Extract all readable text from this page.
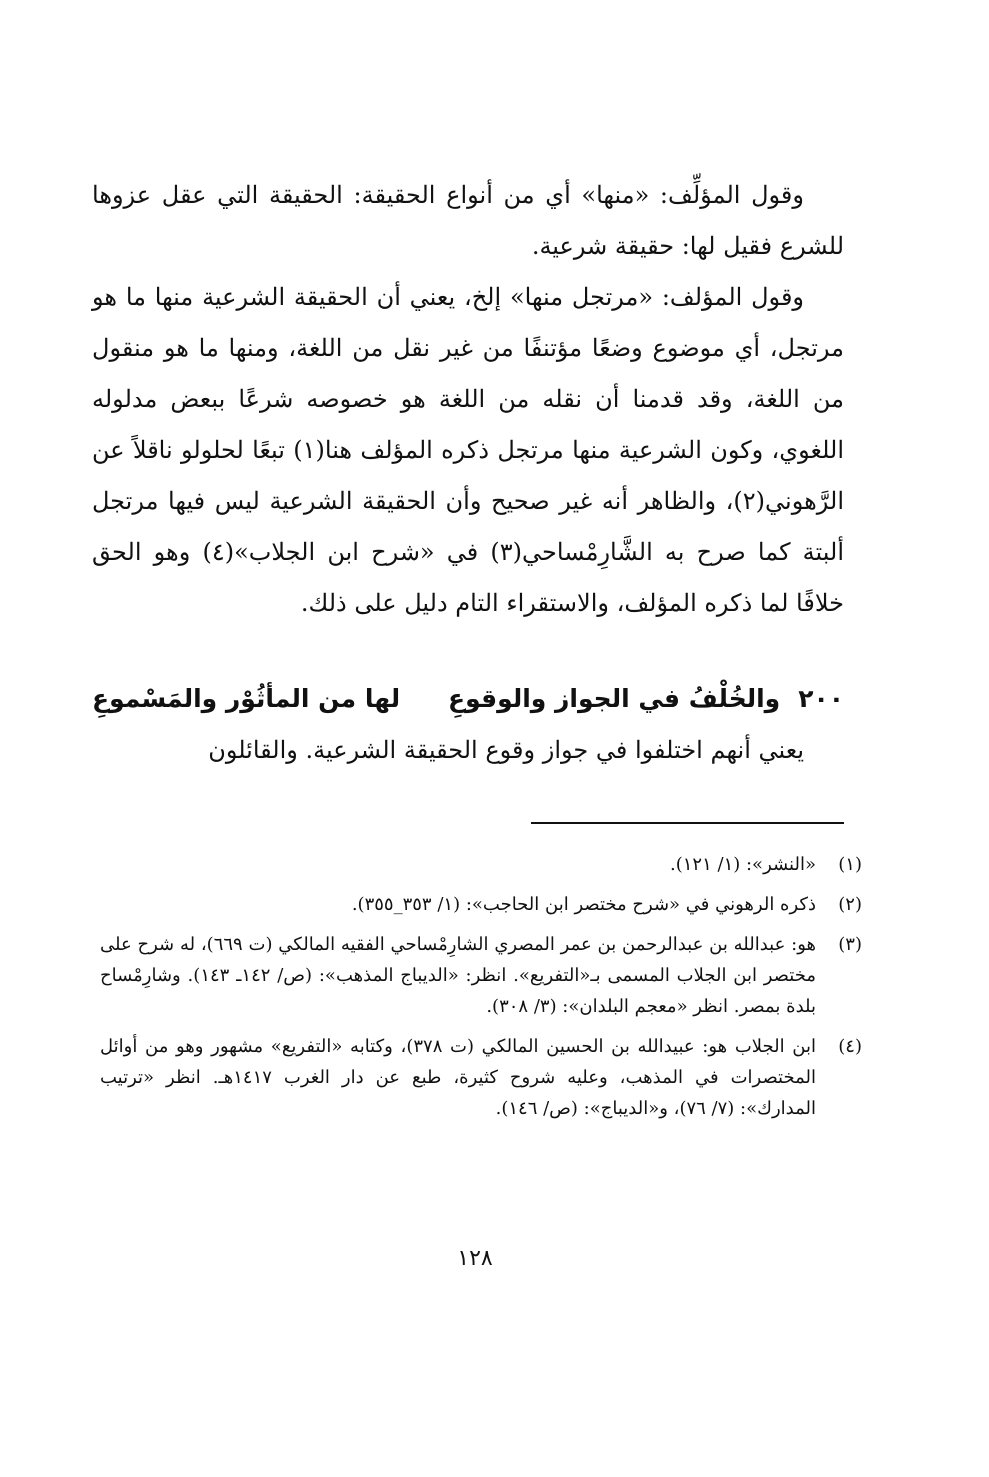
وقول المؤلِّف: «منها» أي من أنواع الحقيقة: الحقيقة التي عقل عزوها للشرع فقيل لها: حقيقة شرعية.

وقول المؤلف: «مرتجل منها» إلخ، يعني أن الحقيقة الشرعية منها ما هو مرتجل، أي موضوع وضعًا مؤتنفًا من غير نقل من اللغة، ومنها ما هو منقول من اللغة، وقد قدمنا أن نقله من اللغة هو خصوصه شرعًا ببعض مدلوله اللغوي، وكون الشرعية منها مرتجل ذكره المؤلف هنا(١) تبعًا لحلولو ناقلاً عن الرَّهوني(٢)، والظاهر أنه غير صحيح وأن الحقيقة الشرعية ليس فيها مرتجل ألبتة كما صرح به الشَّارِمْساحي(٣) في «شرح ابن الجلاب»(٤) وهو الحق خلافًا لما ذكره المؤلف، والاستقراء التام دليل على ذلك.

٢٠٠والخُلْفُ في الجواز والوقوعِ
لها من المأثُوْر والمَسْموعِ

يعني أنهم اختلفوا في جواز وقوع الحقيقة الشرعية. والقائلون

(١)
«النشر»: (١/ ١٢١).
(٢)
ذكره الرهوني في «شرح مختصر ابن الحاجب»: (١/ ٣٥٣_٣٥٥).
(٣)
هو: عبدالله بن عبدالرحمن بن عمر المصري الشارِمْساحي الفقيه المالكي (ت ٦٦٩)، له شرح على مختصر ابن الجلاب المسمى بـ«التفريع». انظر: «الديباج المذهب»: (ص/ ١٤٢ـ ١٤٣). وشارِمْساح بلدة بمصر. انظر «معجم البلدان»: (٣/ ٣٠٨).
(٤)
ابن الجلاب هو: عبيدالله بن الحسين المالكي (ت ٣٧٨)، وكتابه «التفريع» مشهور وهو من أوائل المختصرات في المذهب، وعليه شروح كثيرة، طبع عن دار الغرب ١٤١٧هـ. انظر «ترتيب المدارك»: (٧/ ٧٦)، و«الديباج»: (ص/ ١٤٦).
١٢٨
